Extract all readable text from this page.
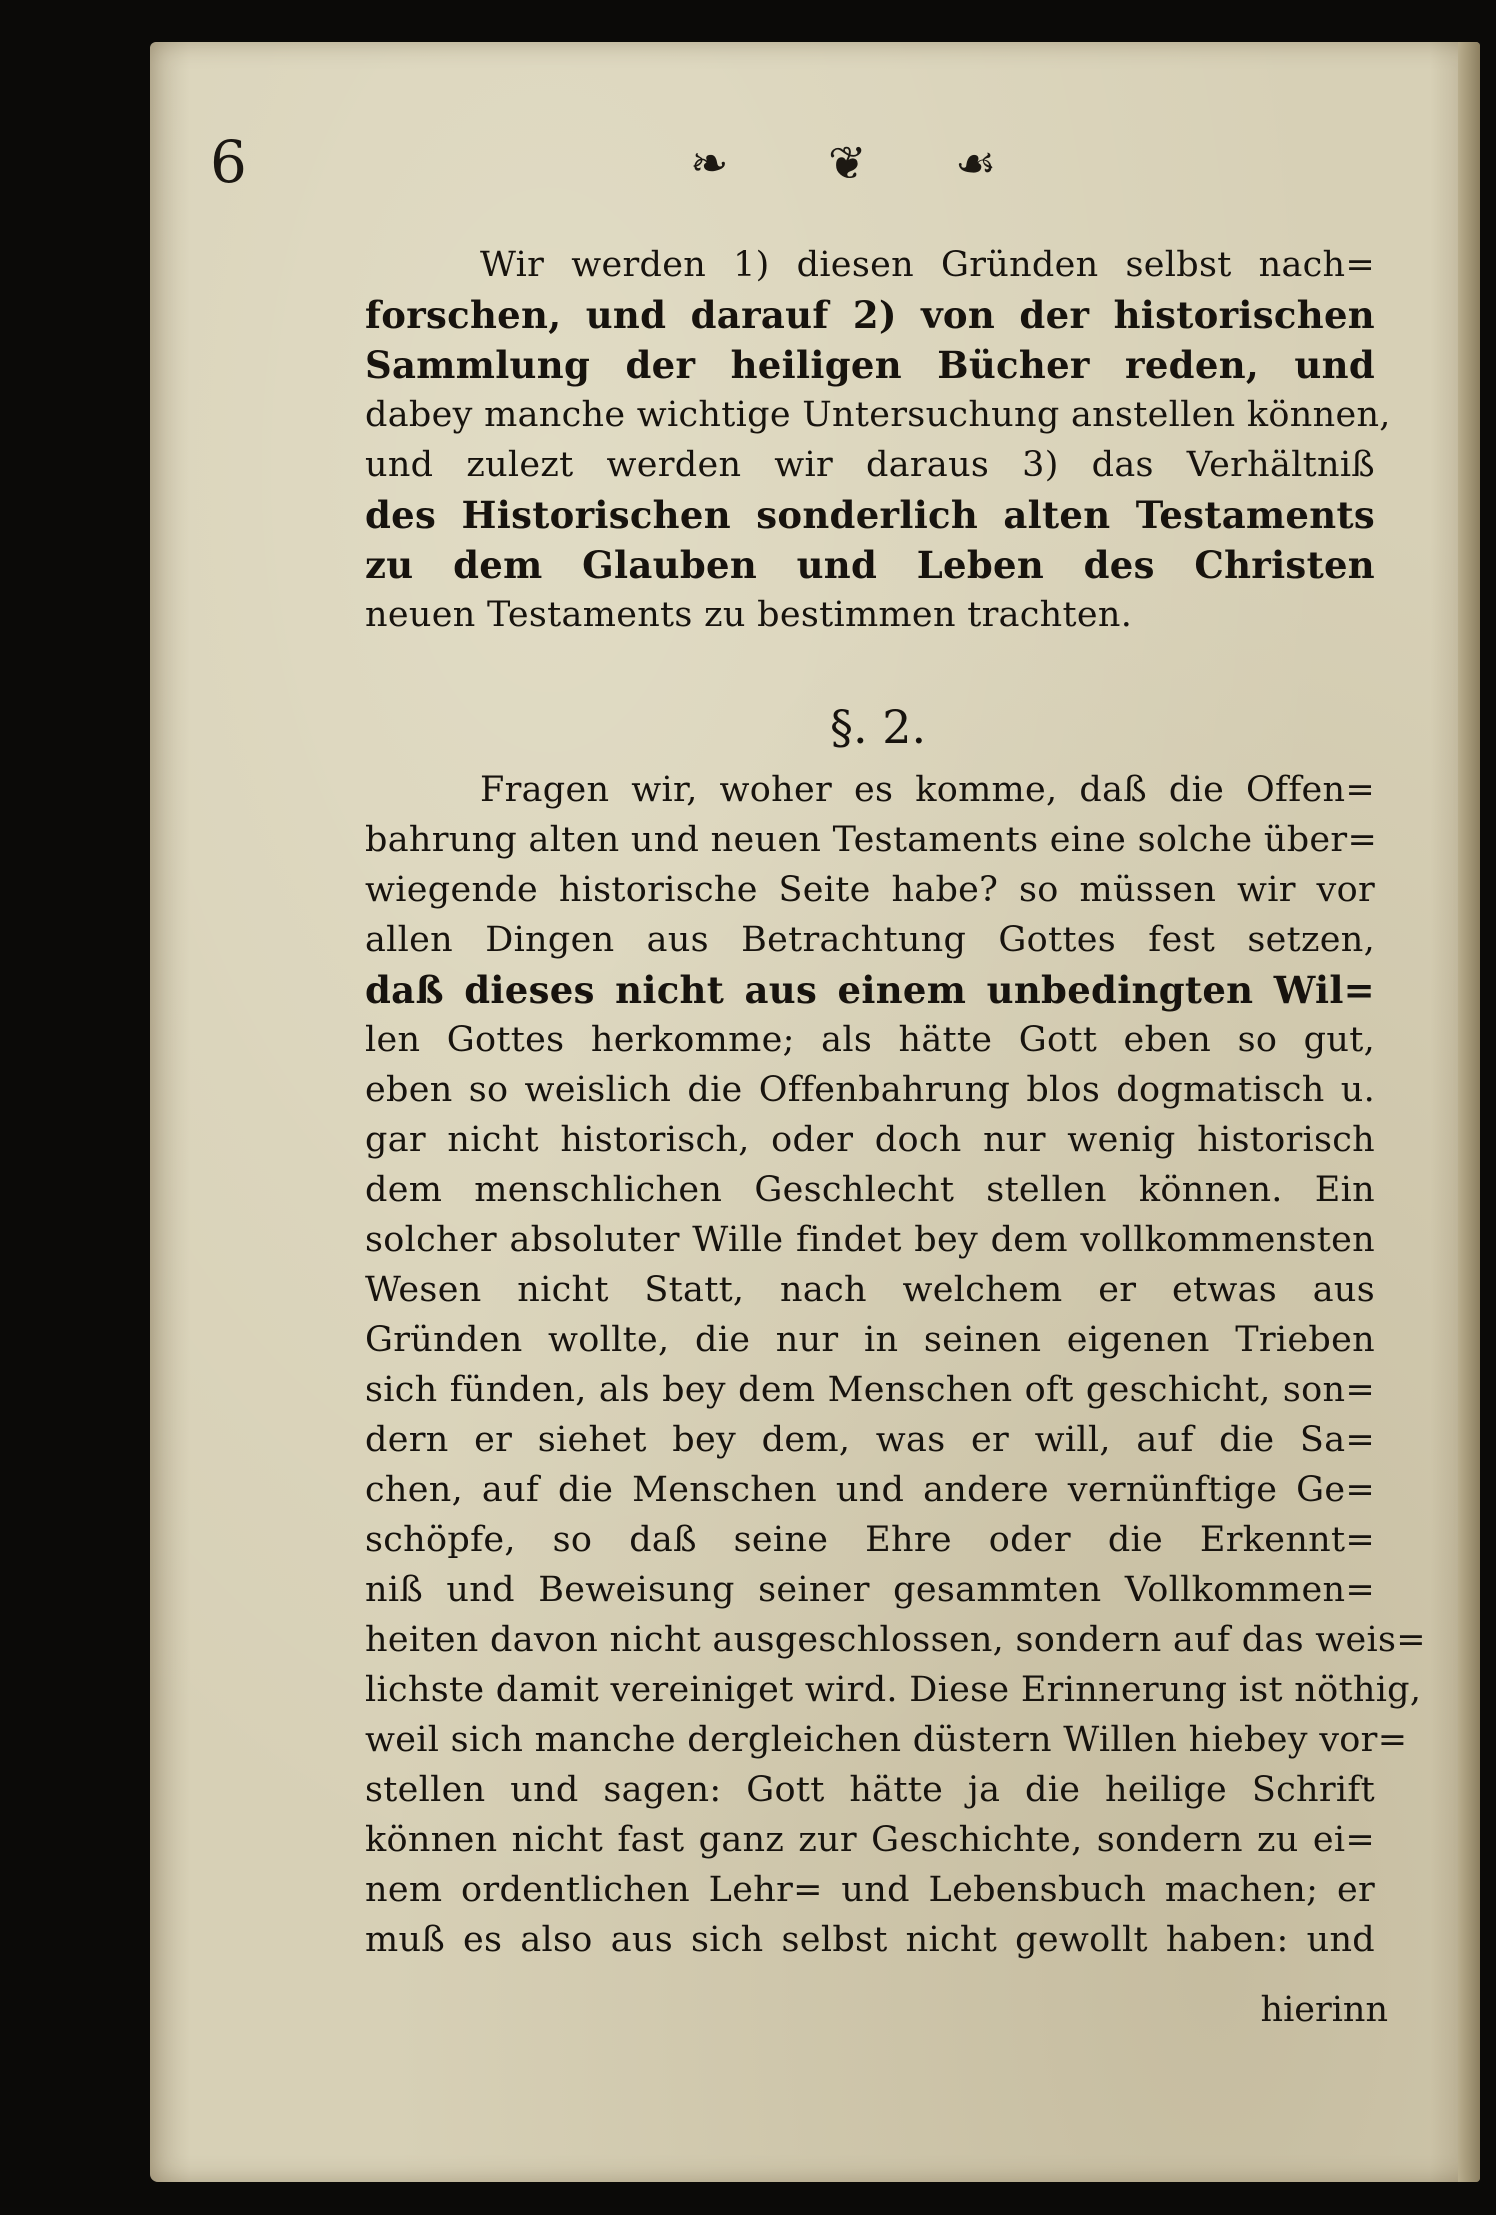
6	❧ ❦ ☙
Wir werden 1) diesen Gründen selbst nach=
forschen, und darauf 2) von der historischen
Sammlung der heiligen Bücher reden, und
dabey manche wichtige Untersuchung anstellen können,
und zulezt werden wir daraus 3) das Verhältniß
des Historischen sonderlich alten Testaments
zu dem Glauben und Leben des Christen
neuen Testaments zu bestimmen trachten.
§. 2.
Fragen wir, woher es komme, daß die Offen=
bahrung alten und neuen Testaments eine solche über=
wiegende historische Seite habe? so müssen wir vor
allen Dingen aus Betrachtung Gottes fest setzen,
daß dieses nicht aus einem unbedingten Wil=
len Gottes herkomme; als hätte Gott eben so gut,
eben so weislich die Offenbahrung blos dogmatisch u.
gar nicht historisch, oder doch nur wenig historisch
dem menschlichen Geschlecht stellen können. Ein
solcher absoluter Wille findet bey dem vollkommensten
Wesen nicht Statt, nach welchem er etwas aus
Gründen wollte, die nur in seinen eigenen Trieben
sich fünden, als bey dem Menschen oft geschicht, son=
dern er siehet bey dem, was er will, auf die Sa=
chen, auf die Menschen und andere vernünftige Ge=
schöpfe, so daß seine Ehre oder die Erkennt=
niß und Beweisung seiner gesammten Vollkommen=
heiten davon nicht ausgeschlossen, sondern auf das weis=
lichste damit vereiniget wird. Diese Erinnerung ist nöthig,
weil sich manche dergleichen düstern Willen hiebey vor=
stellen und sagen: Gott hätte ja die heilige Schrift
können nicht fast ganz zur Geschichte, sondern zu ei=
nem ordentlichen Lehr= und Lebensbuch machen; er
muß es also aus sich selbst nicht gewollt haben: und
hierinn
